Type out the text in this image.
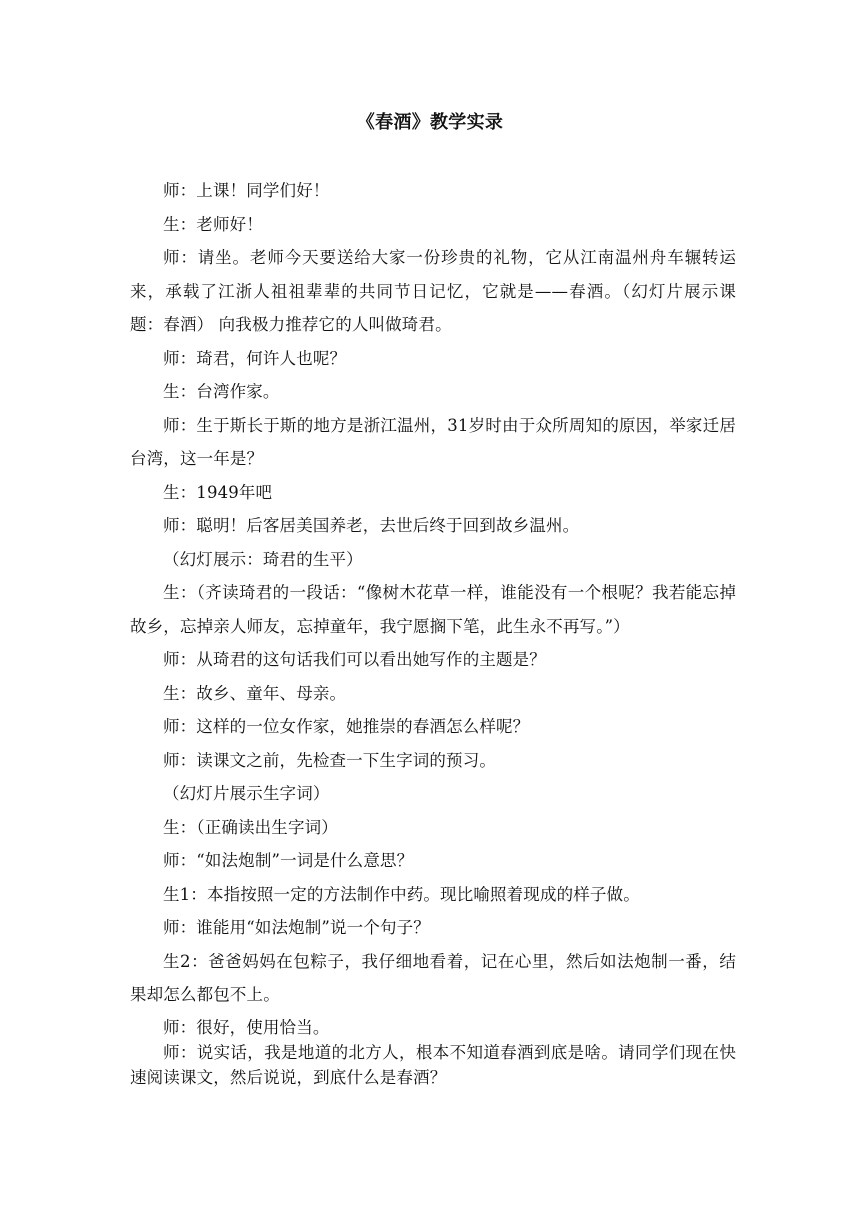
《春酒》教学实录

师：上课！同学们好！

生：老师好！

师：请坐。老师今天要送给大家一份珍贵的礼物，它从江南温州舟车辗转运来，承载了江浙人祖祖辈辈的共同节日记忆，它就是——春酒。（幻灯片展示课题：春酒） 向我极力推荐它的人叫做琦君。

师：琦君，何许人也呢？

生：台湾作家。

师：生于斯长于斯的地方是浙江温州，31岁时由于众所周知的原因，举家迁居台湾，这一年是？

生：1949年吧

师：聪明！后客居美国养老，去世后终于回到故乡温州。

（幻灯展示：琦君的生平）

生：（齐读琦君的一段话：“像树木花草一样，谁能没有一个根呢？我若能忘掉故乡，忘掉亲人师友，忘掉童年，我宁愿搁下笔，此生永不再写。”）

师：从琦君的这句话我们可以看出她写作的主题是？

生：故乡、童年、母亲。

师：这样的一位女作家，她推崇的春酒怎么样呢？

师：读课文之前，先检查一下生字词的预习。

（幻灯片展示生字词）

生：（正确读出生字词）

师：“如法炮制”一词是什么意思？

生1：本指按照一定的方法制作中药。现比喻照着现成的样子做。

师：谁能用“如法炮制”说一个句子？

生2：爸爸妈妈在包粽子，我仔细地看着，记在心里，然后如法炮制一番，结果却怎么都包不上。

师：很好，使用恰当。

师：说实话，我是地道的北方人，根本不知道春酒到底是啥。请同学们现在快速阅读课文，然后说说，到底什么是春酒？
